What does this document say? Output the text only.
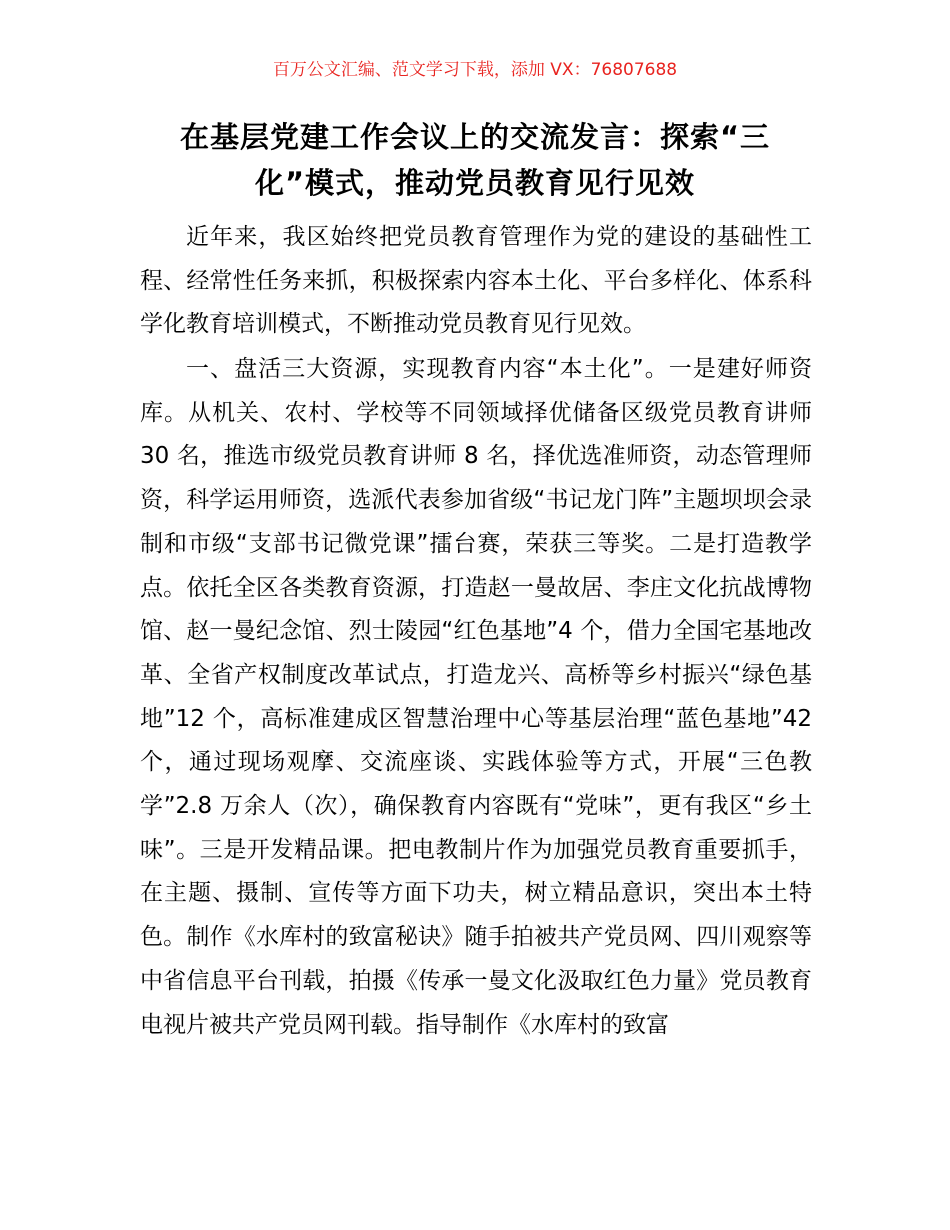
百万公文汇编、范文学习下载，添加 VX：76807688
在基层党建工作会议上的交流发言：探索“三化”模式，推动党员教育见行见效

近年来，我区始终把党员教育管理作为党的建设的基础性工程、经常性任务来抓，积极探索内容本土化、平台多样化、体系科学化教育培训模式，不断推动党员教育见行见效。

一、盘活三大资源，实现教育内容“本土化”。一是建好师资库。从机关、农村、学校等不同领域择优储备区级党员教育讲师 30 名，推选市级党员教育讲师 8 名，择优选准师资，动态管理师资，科学运用师资，选派代表参加省级“书记龙门阵”主题坝坝会录制和市级“支部书记微党课”擂台赛，荣获三等奖。二是打造教学点。依托全区各类教育资源，打造赵一曼故居、李庄文化抗战博物馆、赵一曼纪念馆、烈士陵园“红色基地”4 个，借力全国宅基地改革、全省产权制度改革试点，打造龙兴、高桥等乡村振兴“绿色基地”12 个，高标准建成区智慧治理中心等基层治理“蓝色基地”42 个，通过现场观摩、交流座谈、实践体验等方式，开展“三色教学”2.8 万余人（次），确保教育内容既有“党味”，更有我区“乡土味”。三是开发精品课。把电教制片作为加强党员教育重要抓手，在主题、摄制、宣传等方面下功夫，树立精品意识，突出本土特色。制作《水库村的致富秘诀》随手拍被共产党员网、四川观察等中省信息平台刊载，拍摄《传承一曼文化汲取红色力量》党员教育电视片被共产党员网刊载。指导制作《水库村的致富
